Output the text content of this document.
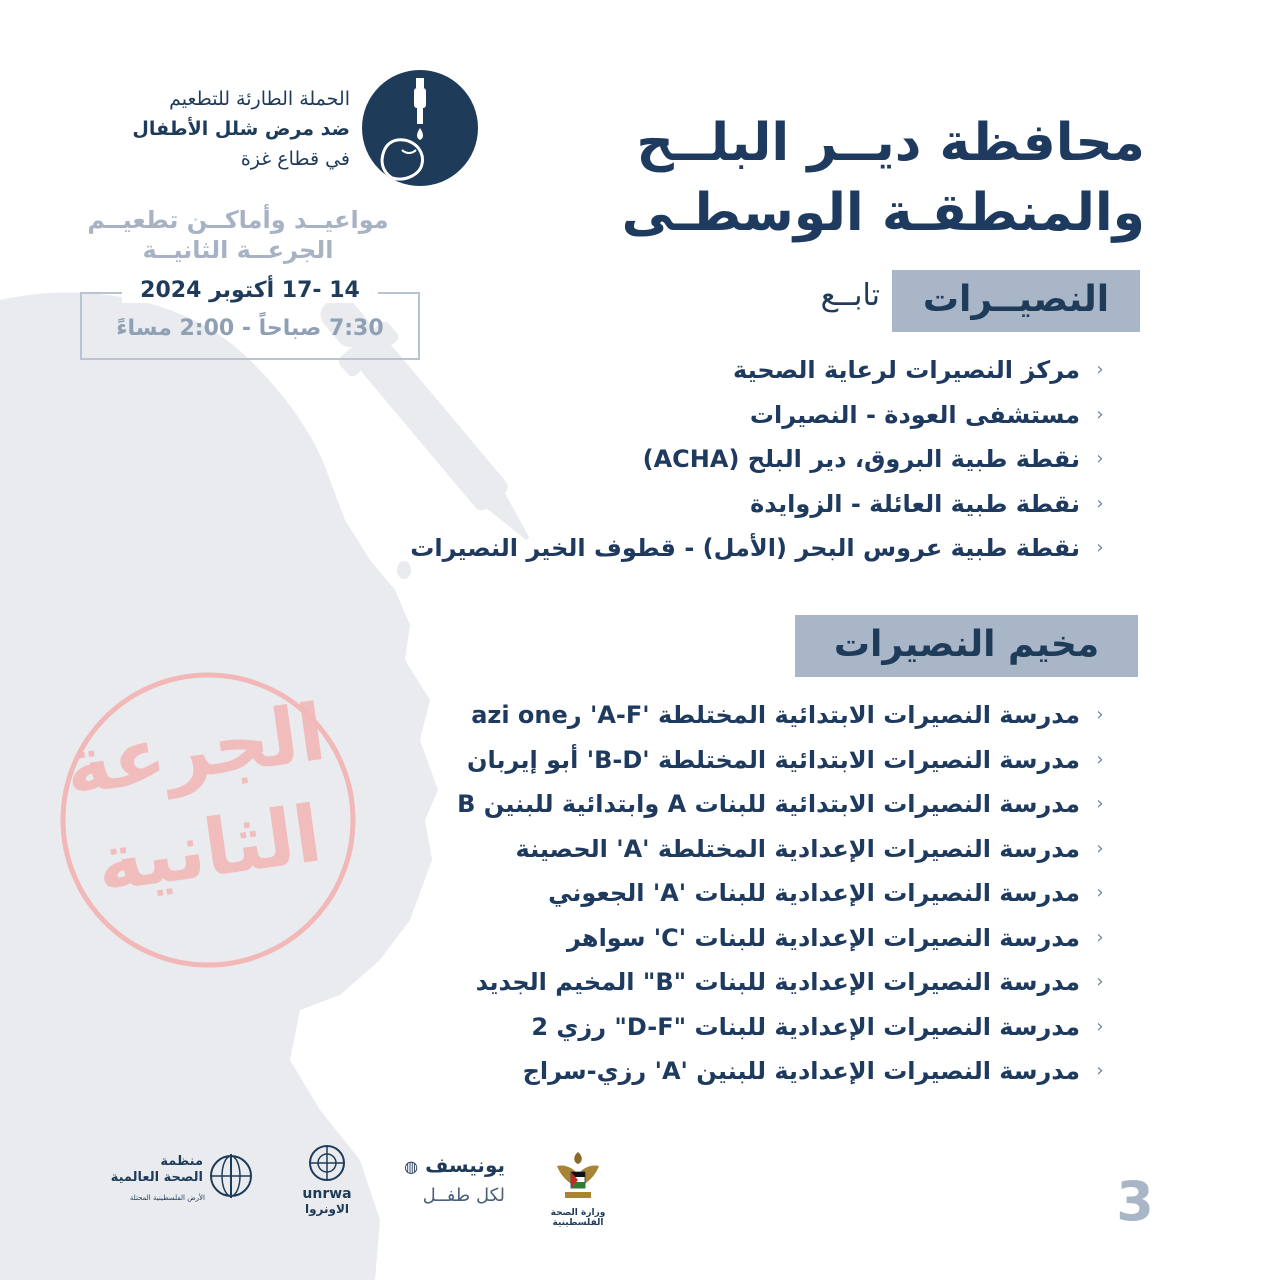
الحملة الطارئة للتطعيم
ضد مرض شلل الأطفال
في قطاع غزة
مواعيــد وأماكــن تطعيــم
الجرعــة الثانيــة
14 -17 أكتوبر 2024
7:30 صباحاً - 2:00 مساءً
محافظة ديــر البلــح
والمنطقـة الوسطـى
النصيــرات
تابــع
‹
مركز النصيرات لرعاية الصحية
‹
مستشفى العودة - النصيرات
‹
نقطة طبية البروق، دير البلح (ACHA)
‹
نقطة طبية العائلة - الزوايدة
‹
نقطة طبية عروس البحر (الأمل) - قطوف الخير النصيرات
مخيم النصيرات
‹
مدرسة النصيرات الابتدائية المختلطة 'A-F' رazi one
‹
مدرسة النصيرات الابتدائية المختلطة 'B-D' أبو إيربان
‹
مدرسة النصيرات الابتدائية للبنات A وابتدائية للبنين B
‹
مدرسة النصيرات الإعدادية المختلطة 'A' الحصينة
‹
مدرسة النصيرات الإعدادية للبنات 'A' الجعوني
‹
مدرسة النصيرات الإعدادية للبنات 'C' سواهر
‹
مدرسة النصيرات الإعدادية للبنات "B" المخيم الجديد
‹
مدرسة النصيرات الإعدادية للبنات "D-F" رزي 2
‹
مدرسة النصيرات الإعدادية للبنين 'A' رزي-سراج
الجرعة
الثانية
منظمة
الصحة العالمية
الأرض الفلسطينية المحتلة	unrwa
الاونروا
يونيسف ◍
لكل طفــل
وزارة الصحة الفلسطينية	3
